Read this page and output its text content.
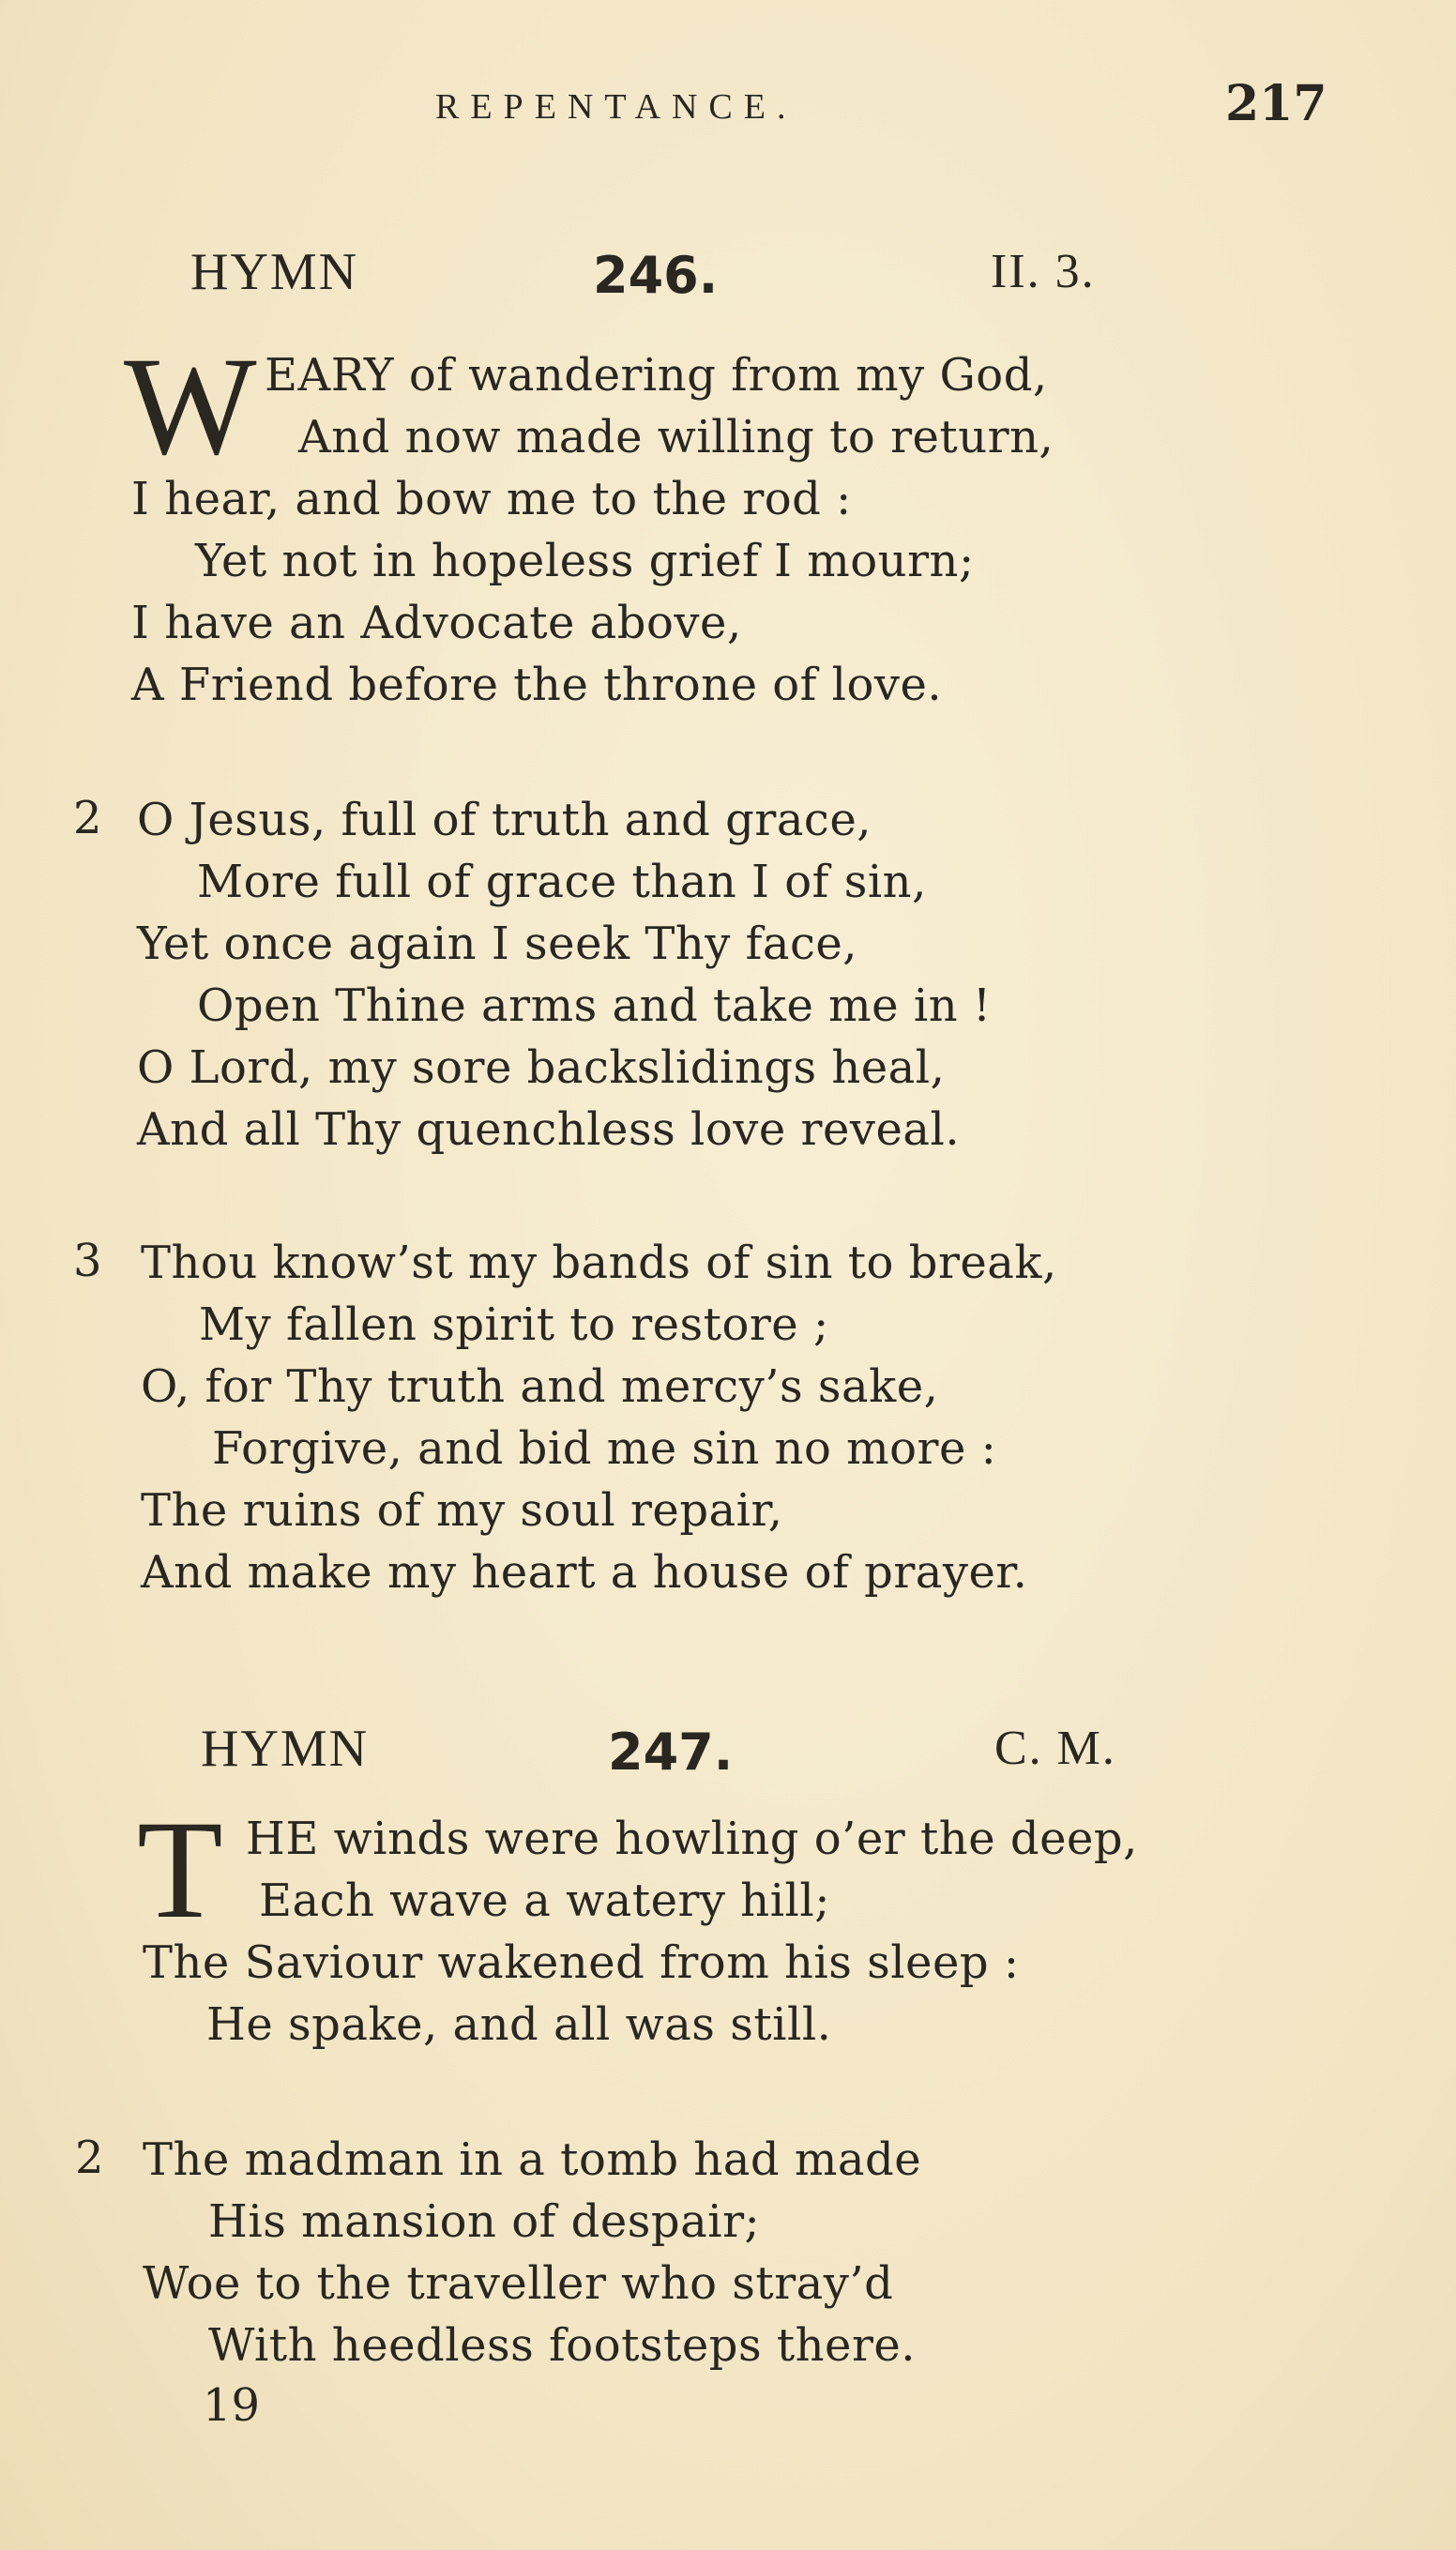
REPENTANCE.	217
HYMN	246.	II. 3.
W EARY of wandering from my God,
And now made willing to return,
I hear, and bow me to the rod :
Yet not in hopeless grief I mourn;
I have an Advocate above,
A Friend before the throne of love.
2 O Jesus, full of truth and grace,
More full of grace than I of sin,
Yet once again I seek Thy face,
Open Thine arms and take me in !
O Lord, my sore backslidings heal,
And all Thy quenchless love reveal.
3 Thou know’st my bands of sin to break,
My fallen spirit to restore ;
O, for Thy truth and mercy’s sake,
Forgive, and bid me sin no more :
The ruins of my soul repair,
And make my heart a house of prayer.
HYMN	247.	C. M.
T HE winds were howling o’er the deep,
Each wave a watery hill;
The Saviour wakened from his sleep :
He spake, and all was still.
2 The madman in a tomb had made
His mansion of despair;
Woe to the traveller who stray’d
With heedless footsteps there.
19
